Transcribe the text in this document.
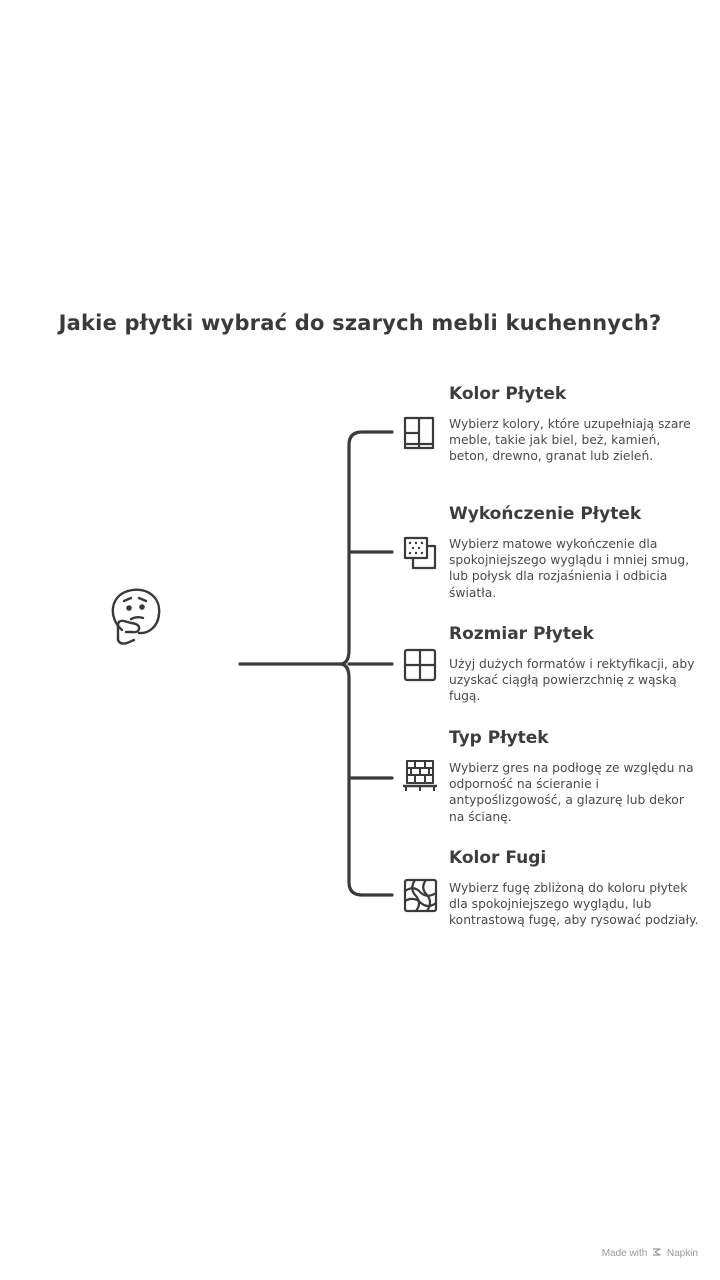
Jakie płytki wybrać do szarych mebli kuchennych?
Kolor Płytek

Wybierz kolory, które uzupełniają szare meble, takie jak biel, beż, kamień, beton, drewno, granat lub zieleń.

Wykończenie Płytek

Wybierz matowe wykończenie dla spokojniejszego wyglądu i mniej smug, lub połysk dla rozjaśnienia i odbicia światła.

Rozmiar Płytek

Użyj dużych formatów i rektyfikacji, aby uzyskać ciągłą powierzchnię z wąską fugą.

Typ Płytek

Wybierz gres na podłogę ze względu na odporność na ścieranie i antypoślizgowość, a glazurę lub dekor na ścianę.

Kolor Fugi

Wybierz fugę zbliżoną do koloru płytek dla spokojniejszego wyglądu, lub kontrastową fugę, aby rysować podziały.

Made with Napkin
